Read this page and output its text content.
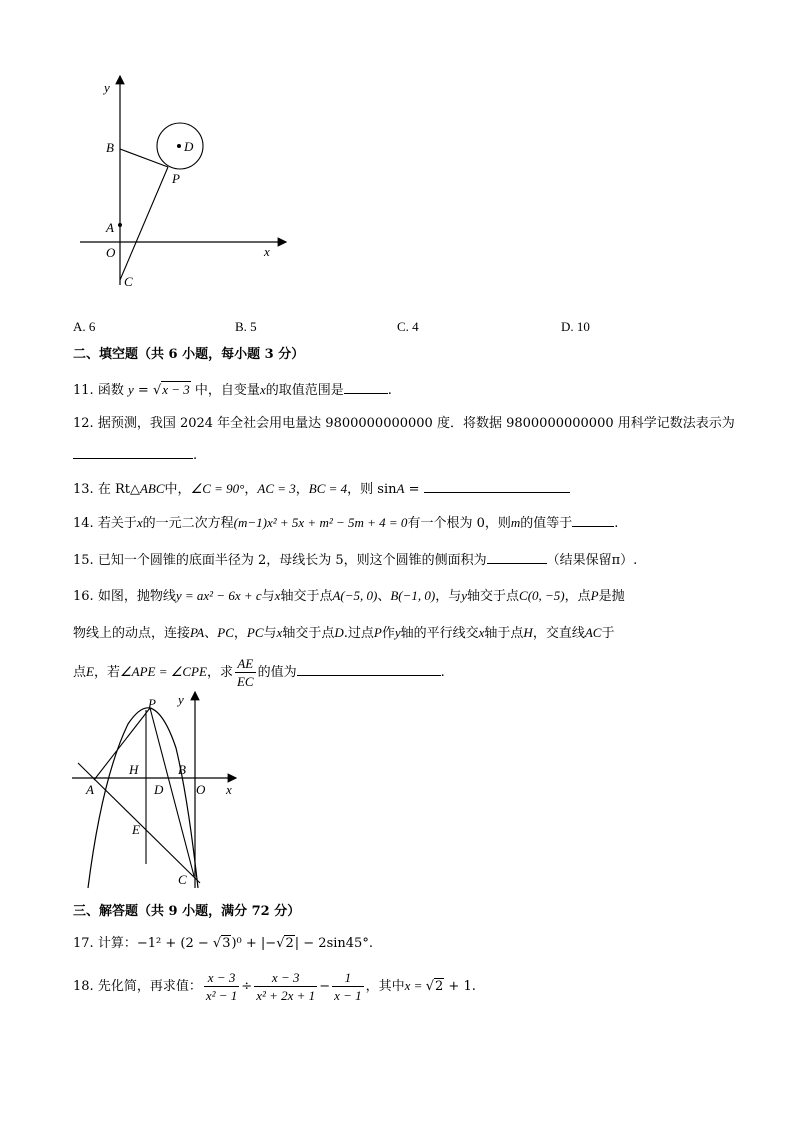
y
x
B	D
P
A
O
C
A. 6	B. 5	C. 4	D. 10
二、填空题（共 6 小题，每小题 3 分）
11. 函数 y = √x − 3 中，自变量x的取值范围是	.
12. 据预测，我国 2024 年全社会用电量达 9800000000000 度．将数据 9800000000000 用科学记数法表示为
.
13. 在 Rt△ABC中，∠C = 90°，AC = 3，BC = 4，则 sinA =
14. 若关于x的一元二次方程(m−1)x² + 5x + m² − 5m + 4 = 0有一个根为 0，则m的值等于	.
15. 已知一个圆锥的底面半径为 2，母线长为 5，则这个圆锥的侧面积为	（结果保留π）.
16. 如图，抛物线y = ax² − 6x + c与x轴交于点A(−5, 0)、B(−1, 0)，与y轴交于点C(0, −5)，点P是抛
物线上的动点，连接PA、PC，PC与x轴交于点D.过点P作y轴的平行线交x轴于点H，交直线AC于
点E，若∠APE = ∠CPE，求 $\frac{AE}{EC}$ 的值为	.
P y
H	B
A	D	O x
E
C
三、解答题（共 9 小题，满分 72 分）
17. 计算：−1² + (2 − √3)⁰ + |−√2| − 2sin45°.
18. 先化简，再求值： $\frac{x - 3}{\text{x² − 1}} \div \frac{x - 3}{\text{x² + 2x + 1}} - \frac{1}{x - 1}$ ，其中x = √2 + 1.
